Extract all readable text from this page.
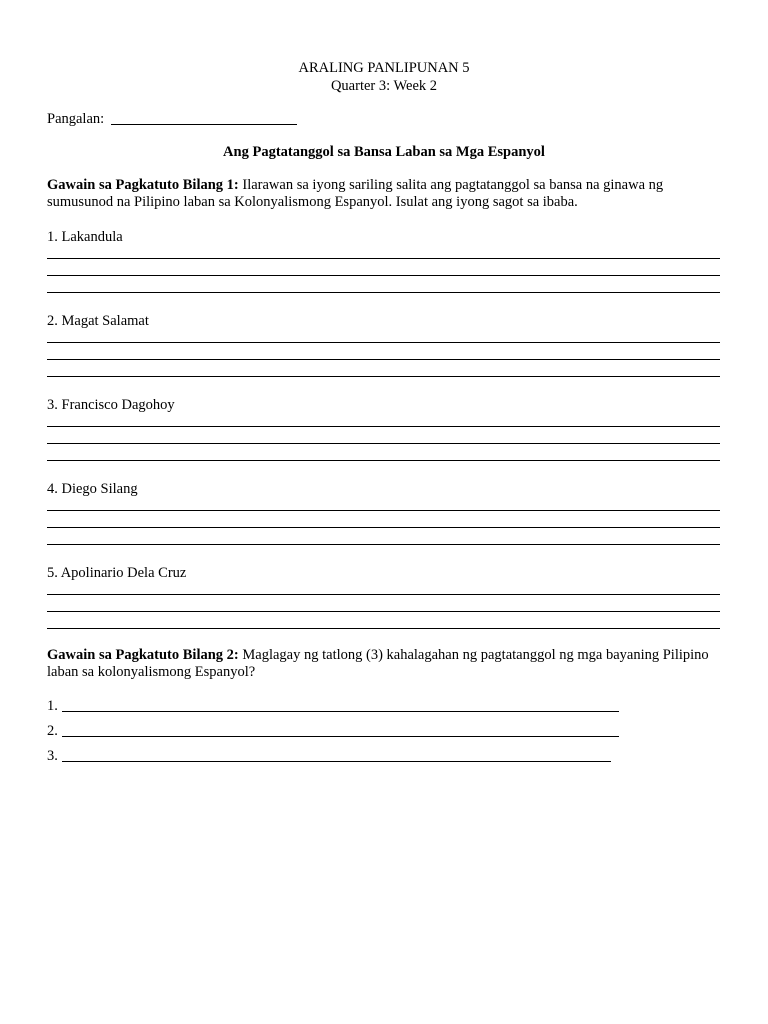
ARALING PANLIPUNAN 5
Quarter 3: Week 2
Pangalan:
Ang Pagtatanggol sa Bansa Laban sa Mga Espanyol
Gawain sa Pagkatuto Bilang 1: Ilarawan sa iyong sariling salita ang pagtatanggol sa bansa na ginawa ng sumusunod na Pilipino laban sa Kolonyalismong Espanyol. Isulat ang iyong sagot sa ibaba.
1. Lakandula
2. Magat Salamat
3. Francisco Dagohoy
4. Diego Silang
5. Apolinario Dela Cruz
Gawain sa Pagkatuto Bilang 2: Maglagay ng tatlong (3) kahalagahan ng pagtatanggol ng mga bayaning Pilipino laban sa kolonyalismong Espanyol?
1.
2.
3.
